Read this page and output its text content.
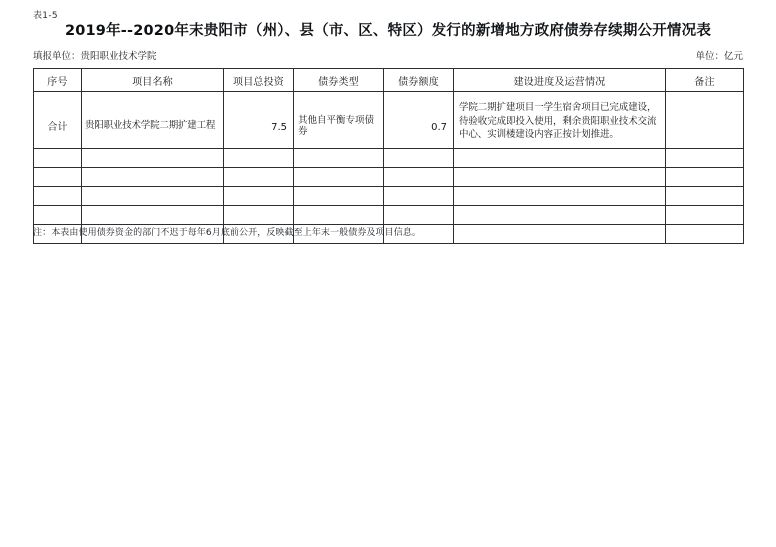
表1-5
2019年--2020年末贵阳市（州）、县（市、区、特区）发行的新增地方政府债券存续期公开情况表
填报单位：贵阳职业技术学院	单位：亿元
序号	项目名称	项目总投资	债券类型	债券额度	建设进度及运营情况	备注

合计	贵阳职业技术学院二期扩建工程	7.5	其他自平衡专项债券	0.7	学院二期扩建项目一学生宿舍项目已完成建设，待验收完成即投入使用，剩余贵阳职业技术交流中心、实训楼建设内容正按计划推进。	

注：本表由使用债券资金的部门不迟于每年6月底前公开，反映截至上年末一般债券及项目信息。
